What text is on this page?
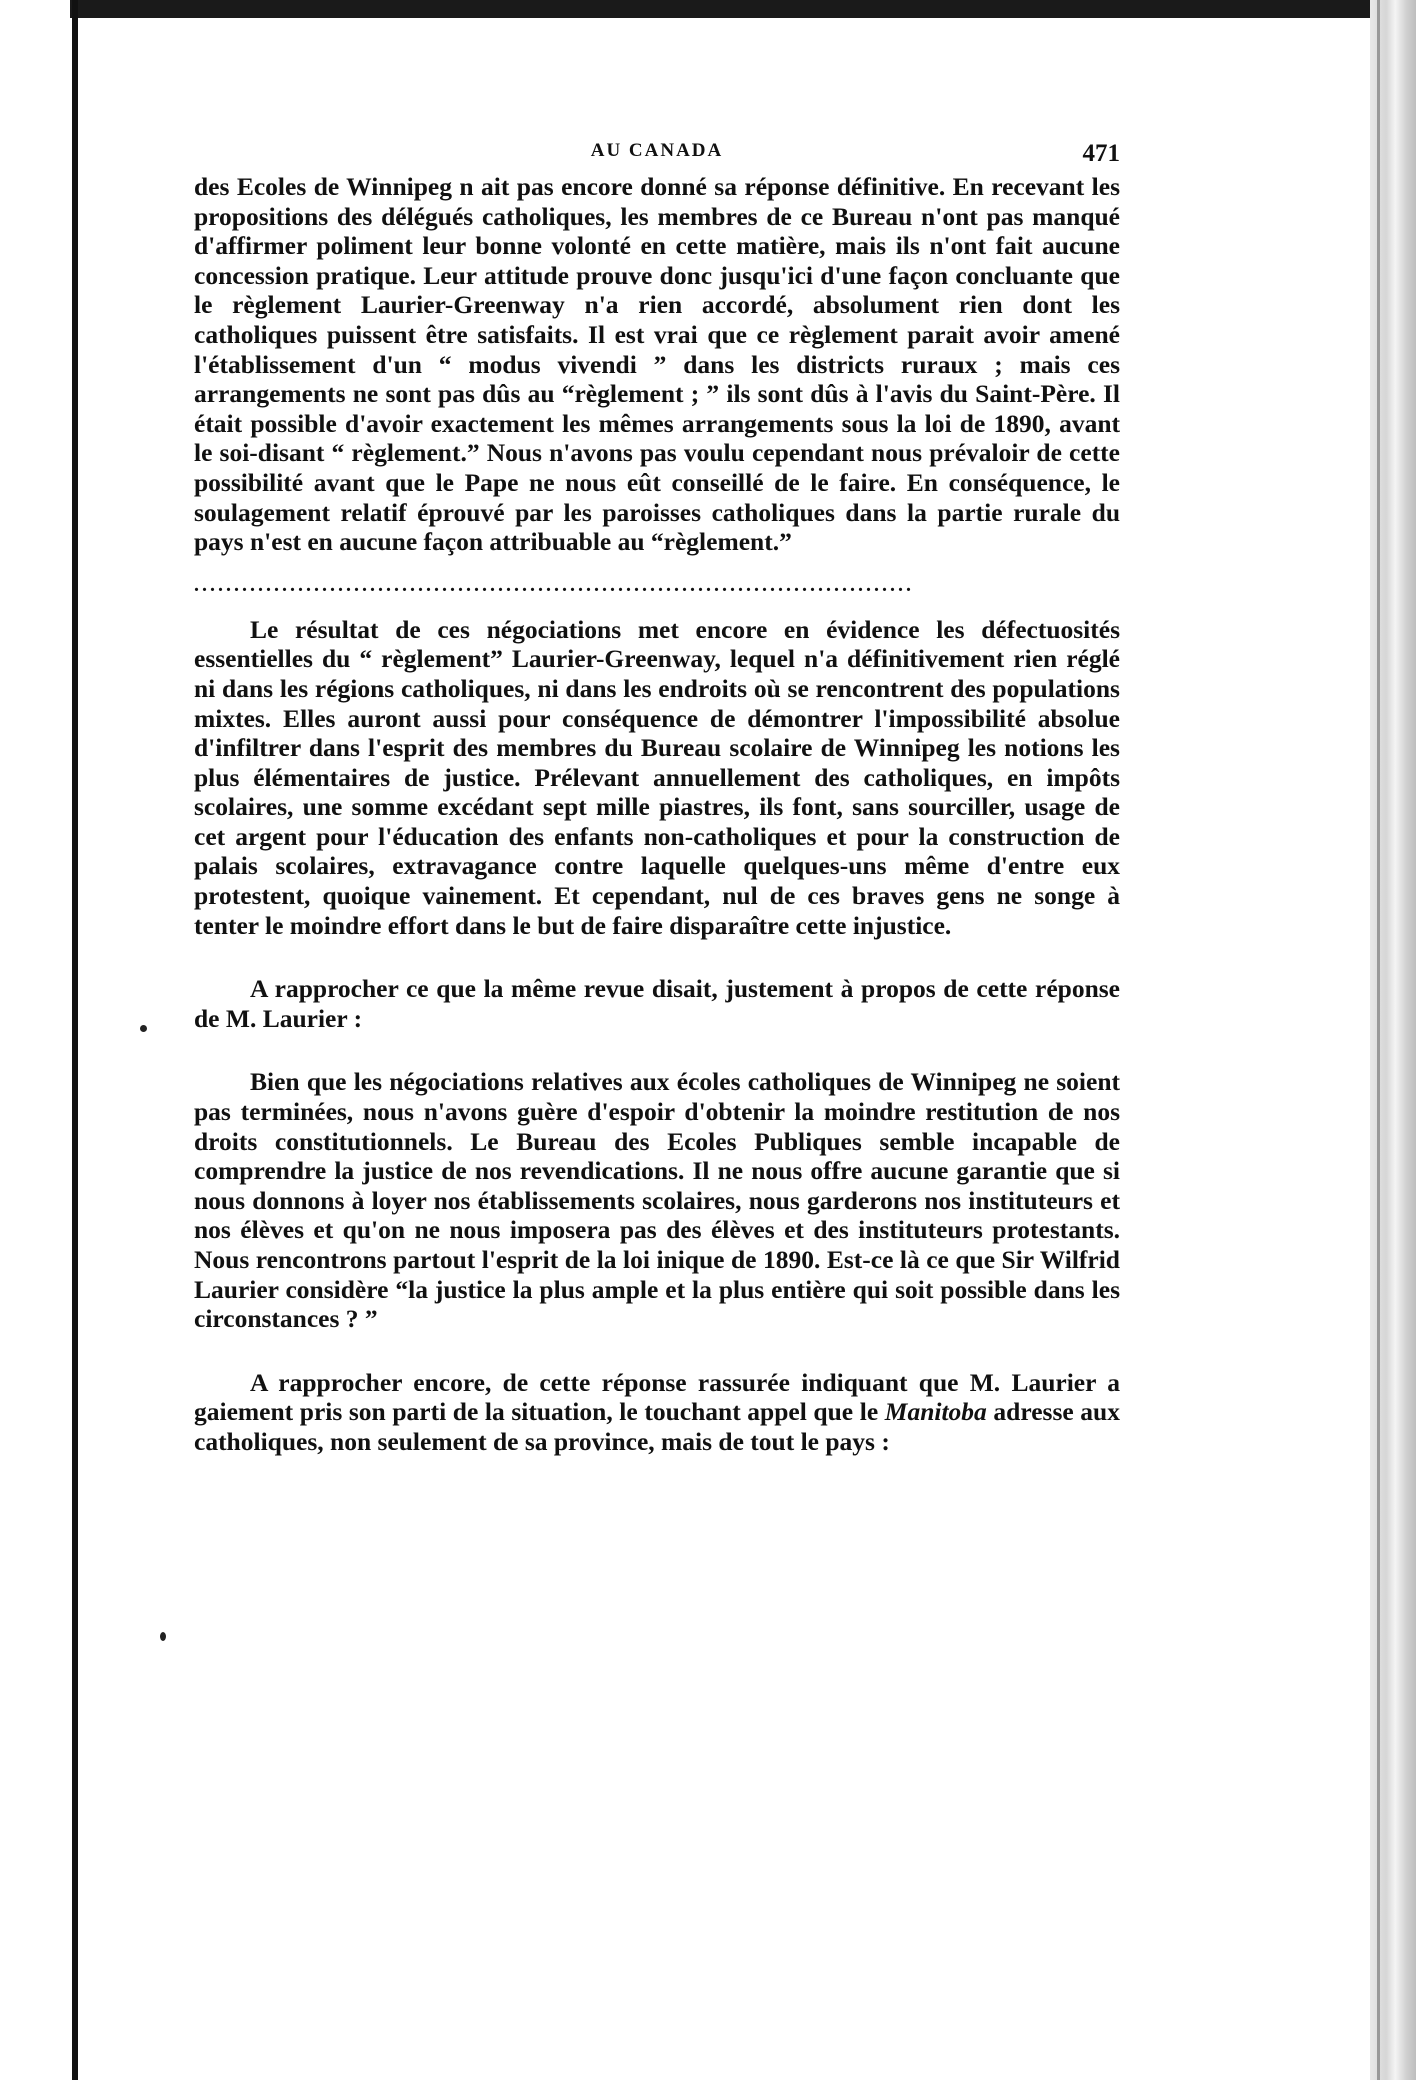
AU CANADA	471

des Ecoles de Winnipeg n ait pas encore donné sa réponse définitive. En recevant les propositions des délégués catholiques, les membres de ce Bureau n'ont pas manqué d'affirmer poliment leur bonne volonté en cette matière, mais ils n'ont fait aucune concession pratique. Leur attitude prouve donc jusqu'ici d'une façon concluante que le règlement Laurier-Greenway n'a rien accordé, absolument rien dont les catholiques puissent être satisfaits. Il est vrai que ce règlement parait avoir amené l'établissement d'un “ modus vivendi ” dans les districts ruraux ; mais ces arrangements ne sont pas dûs au “règlement ; ” ils sont dûs à l'avis du Saint-Père. Il était possible d'avoir exactement les mêmes arrangements sous la loi de 1890, avant le soi-disant “ règlement.” Nous n'avons pas voulu cependant nous prévaloir de cette possibilité avant que le Pape ne nous eût conseillé de le faire. En conséquence, le soulagement relatif éprouvé par les paroisses catholiques dans la partie rurale du pays n'est en aucune façon attribuable au “règlement.”

..........................................................................................

Le résultat de ces négociations met encore en évidence les défectuosités essentielles du “ règlement” Laurier-Greenway, lequel n'a définitivement rien réglé ni dans les régions catholiques, ni dans les endroits où se rencontrent des populations mixtes. Elles auront aussi pour conséquence de démontrer l'impossibilité absolue d'infiltrer dans l'esprit des membres du Bureau scolaire de Winnipeg les notions les plus élémentaires de justice. Prélevant annuellement des catholiques, en impôts scolaires, une somme excédant sept mille piastres, ils font, sans sourciller, usage de cet argent pour l'éducation des enfants non-catholiques et pour la construction de palais scolaires, extravagance contre laquelle quelques-uns même d'entre eux protestent, quoique vainement. Et cependant, nul de ces braves gens ne songe à tenter le moindre effort dans le but de faire disparaître cette injustice.

A rapprocher ce que la même revue disait, justement à propos de cette réponse de M. Laurier :

Bien que les négociations relatives aux écoles catholiques de Winnipeg ne soient pas terminées, nous n'avons guère d'espoir d'obtenir la moindre restitution de nos droits constitutionnels. Le Bureau des Ecoles Publiques semble incapable de comprendre la justice de nos revendications. Il ne nous offre aucune garantie que si nous donnons à loyer nos établissements scolaires, nous garderons nos instituteurs et nos élèves et qu'on ne nous imposera pas des élèves et des instituteurs protestants. Nous rencontrons partout l'esprit de la loi inique de 1890. Est-ce là ce que Sir Wilfrid Laurier considère “la justice la plus ample et la plus entière qui soit possible dans les circonstances ? ”

A rapprocher encore, de cette réponse rassurée indiquant que M. Laurier a gaiement pris son parti de la situation, le touchant appel que le Manitoba adresse aux catholiques, non seulement de sa province, mais de tout le pays :
